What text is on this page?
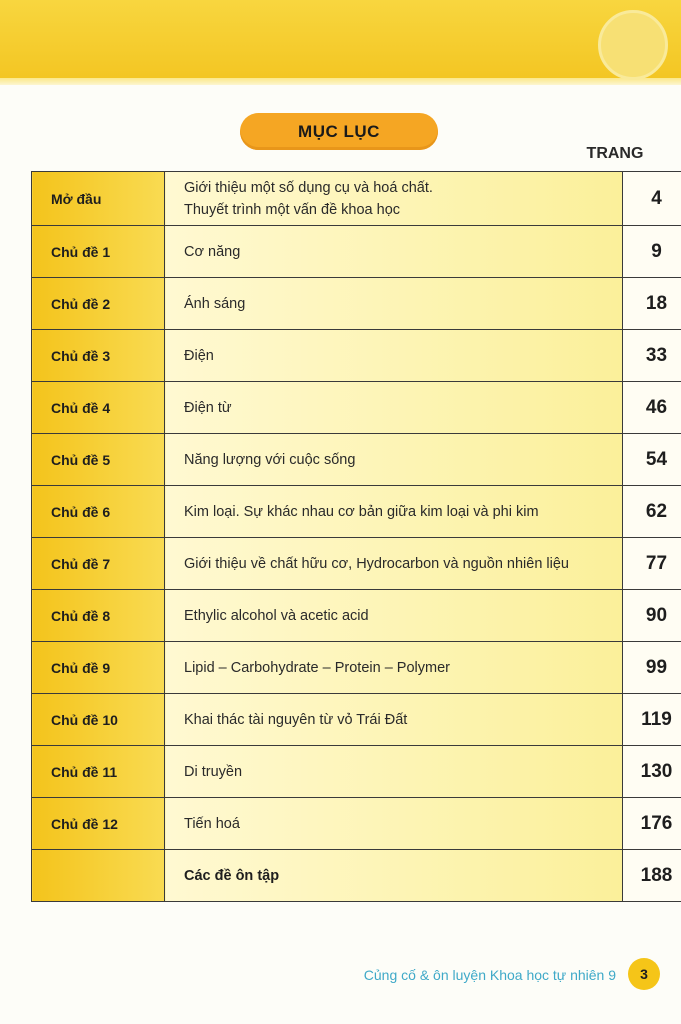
MỤC LỤC
TRANG
Mở đầu	Giới thiệu một số dụng cụ và hoá chất.
Thuyết trình một vấn đề khoa học	4
Chủ đề 1	Cơ năng	9
Chủ đề 2	Ánh sáng	18
Chủ đề 3	Điện	33
Chủ đề 4	Điện từ	46
Chủ đề 5	Năng lượng với cuộc sống	54
Chủ đề 6	Kim loại. Sự khác nhau cơ bản giữa kim loại và phi kim	62
Chủ đề 7	Giới thiệu về chất hữu cơ, Hydrocarbon và nguồn nhiên liệu	77
Chủ đề 8	Ethylic alcohol và acetic acid	90
Chủ đề 9	Lipid – Carbohydrate – Protein – Polymer	99
Chủ đề 10	Khai thác tài nguyên từ vỏ Trái Đất	119
Chủ đề 11	Di truyền	130
Chủ đề 12	Tiến hoá	176

	Các đề ôn tập	188
Củng cố & ôn luyện Khoa học tự nhiên 9	3
